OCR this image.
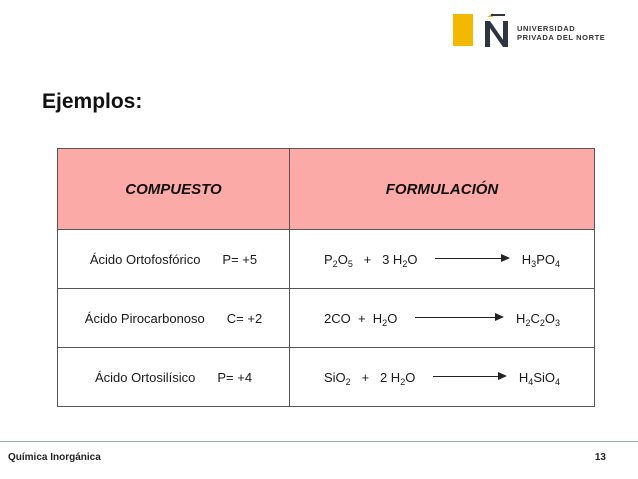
UNIVERSIDAD
PRIVADA DEL NORTE
Ejemplos:
COMPUESTO	FORMULACIÓN

Ácido Ortofosfórico P= +5	$P_2O_5 + 3$ $H_2O$ $H_3PO_4$

Ácido Pirocarbonoso C= +2	$2CO + H_2O$ $H_2C_2O_3$

Ácido Ortosilísico P= +4	SiO$_2$   +   2 $H_2O$ $H_4SiO_4$
Química Inorgánica	13
